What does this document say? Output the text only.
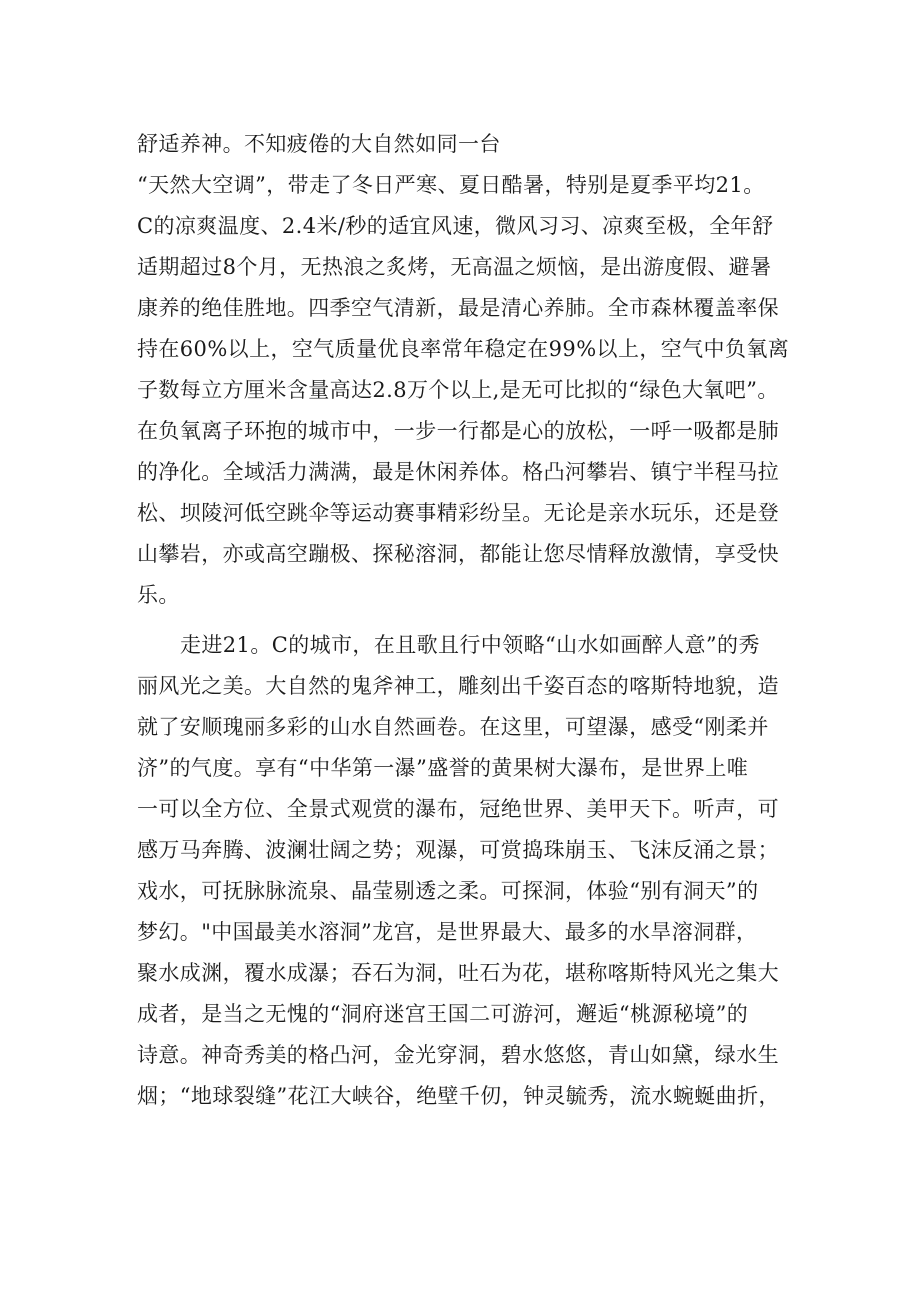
舒适养神。不知疲倦的大自然如同一台
“天然大空调”，带走了冬日严寒、夏日酷暑，特别是夏季平均21。
C的凉爽温度、2.4米/秒的适宜风速，微风习习、凉爽至极，全年舒
适期超过8个月，无热浪之炙烤，无高温之烦恼，是出游度假、避暑
康养的绝佳胜地。四季空气清新，最是清心养肺。全市森林覆盖率保
持在60%以上，空气质量优良率常年稳定在99%以上，空气中负氧离
子数每立方厘米含量高达2.8万个以上,是无可比拟的“绿色大氧吧”。
在负氧离子环抱的城市中，一步一行都是心的放松，一呼一吸都是肺
的净化。全域活力满满，最是休闲养体。格凸河攀岩、镇宁半程马拉
松、坝陵河低空跳伞等运动赛事精彩纷呈。无论是亲水玩乐，还是登
山攀岩，亦或高空蹦极、探秘溶洞，都能让您尽情释放激情，享受快
乐。
走进21。C的城市，在且歌且行中领略“山水如画醉人意”的秀
丽风光之美。大自然的鬼斧神工，雕刻出千姿百态的喀斯特地貌，造
就了安顺瑰丽多彩的山水自然画卷。在这里，可望瀑，感受“刚柔并
济”的气度。享有“中华第一瀑”盛誉的黄果树大瀑布，是世界上唯
一可以全方位、全景式观赏的瀑布，冠绝世界、美甲天下。听声，可
感万马奔腾、波澜壮阔之势；观瀑，可赏捣珠崩玉、飞沫反涌之景；
戏水，可抚脉脉流泉、晶莹剔透之柔。可探洞，体验“别有洞天”的
梦幻。"中国最美水溶洞”龙宫，是世界最大、最多的水旱溶洞群，
聚水成渊，覆水成瀑；吞石为洞，吐石为花，堪称喀斯特风光之集大
成者，是当之无愧的“洞府迷宫王国二可游河，邂逅“桃源秘境”的
诗意。神奇秀美的格凸河，金光穿洞，碧水悠悠，青山如黛，绿水生
烟；“地球裂缝”花江大峡谷，绝壁千仞，钟灵毓秀，流水蜿蜒曲折，
